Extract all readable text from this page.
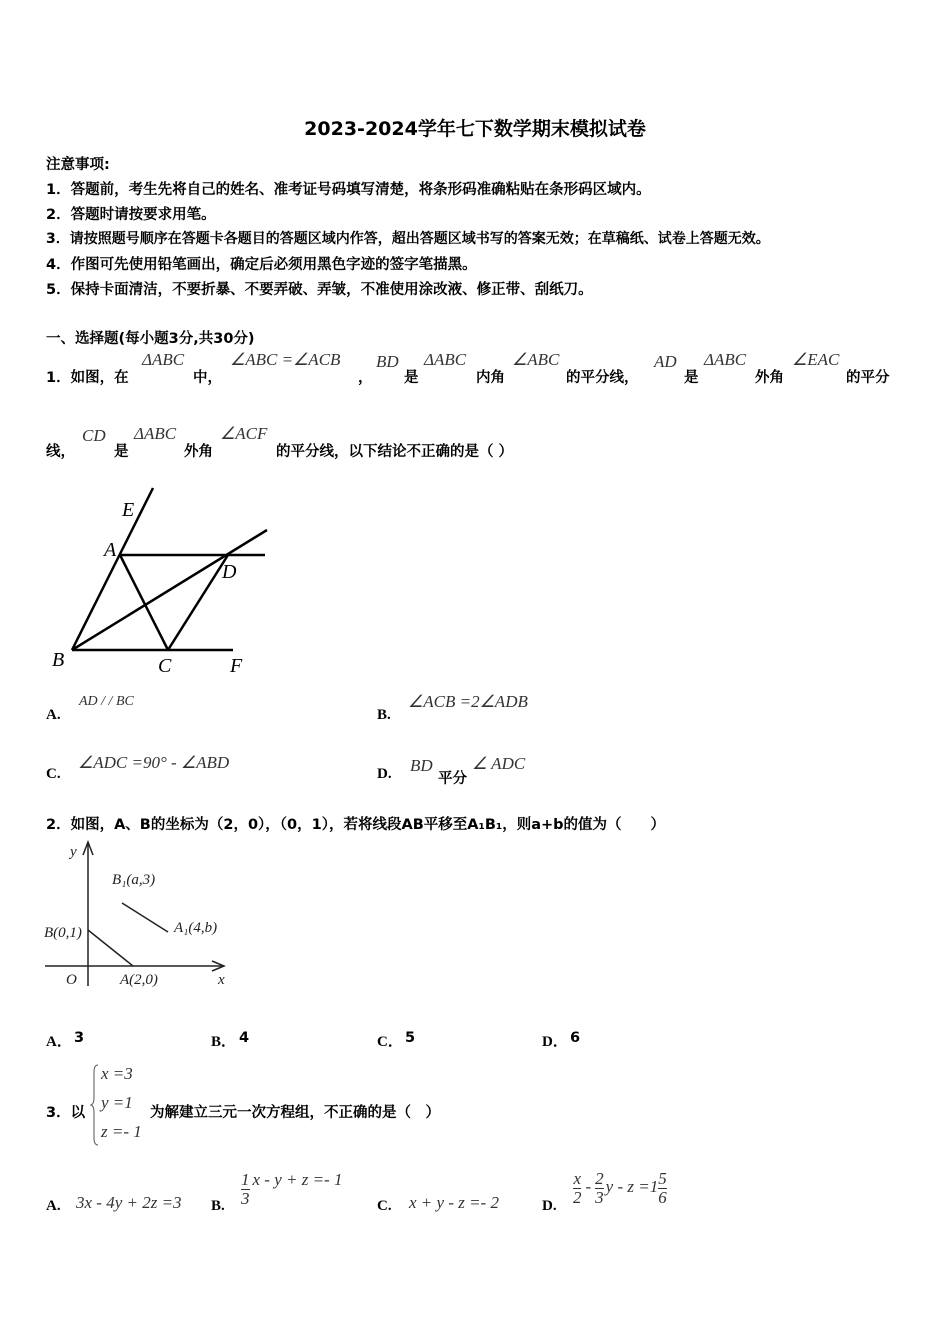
2023-2024学年七下数学期末模拟试卷
注意事项:
1．答题前，考生先将自己的姓名、准考证号码填写清楚，将条形码准确粘贴在条形码区域内。
2．答题时请按要求用笔。
3．请按照题号顺序在答题卡各题目的答题区域内作答，超出答题区域书写的答案无效；在草稿纸、试卷上答题无效。
4．作图可先使用铅笔画出，确定后必须用黑色字迹的签字笔描黑。
5．保持卡面清洁，不要折暴、不要弄破、弄皱，不准使用涂改液、修正带、刮纸刀。
一、选择题(每小题3分,共30分)
1．如图，在
ΔABC
中，
∠ABC =∠ACB
，
BD
是
ΔABC
内角
∠ABC
的平分线，
AD
是
ΔABC
外角
∠EAC
的平分
线，
CD
是
ΔABC
外角
∠ACF
的平分线，以下结论不正确的是（ ）
E
A
D
B	C	F
A.
AD / / BC
B.
∠ACB =2∠ADB
C.
∠ADC =90° - ∠ABD
D. BD
平分
∠ ADC
2．如图，A、B的坐标为（2，0），（0，1），若将线段AB平移至A₁B₁，则a+b的值为（　　）
y
x
O
B(0,1)
A(2,0)
B₁(a,3)
A₁(4,b)
A． 3	B． 4	C． 5	D． 6
3．以
x =3
y =1
z =- 1
为解建立三元一次方程组，不正确的是（　）
A. 3x - 4y + 2z =3 B. $\frac{1}{3}$ x - y + z =- 1
C. x + y - z =- 2	D. $\frac{x}{2} - \frac{2}{3}$ $y - z =1 \frac{5}{6}$
